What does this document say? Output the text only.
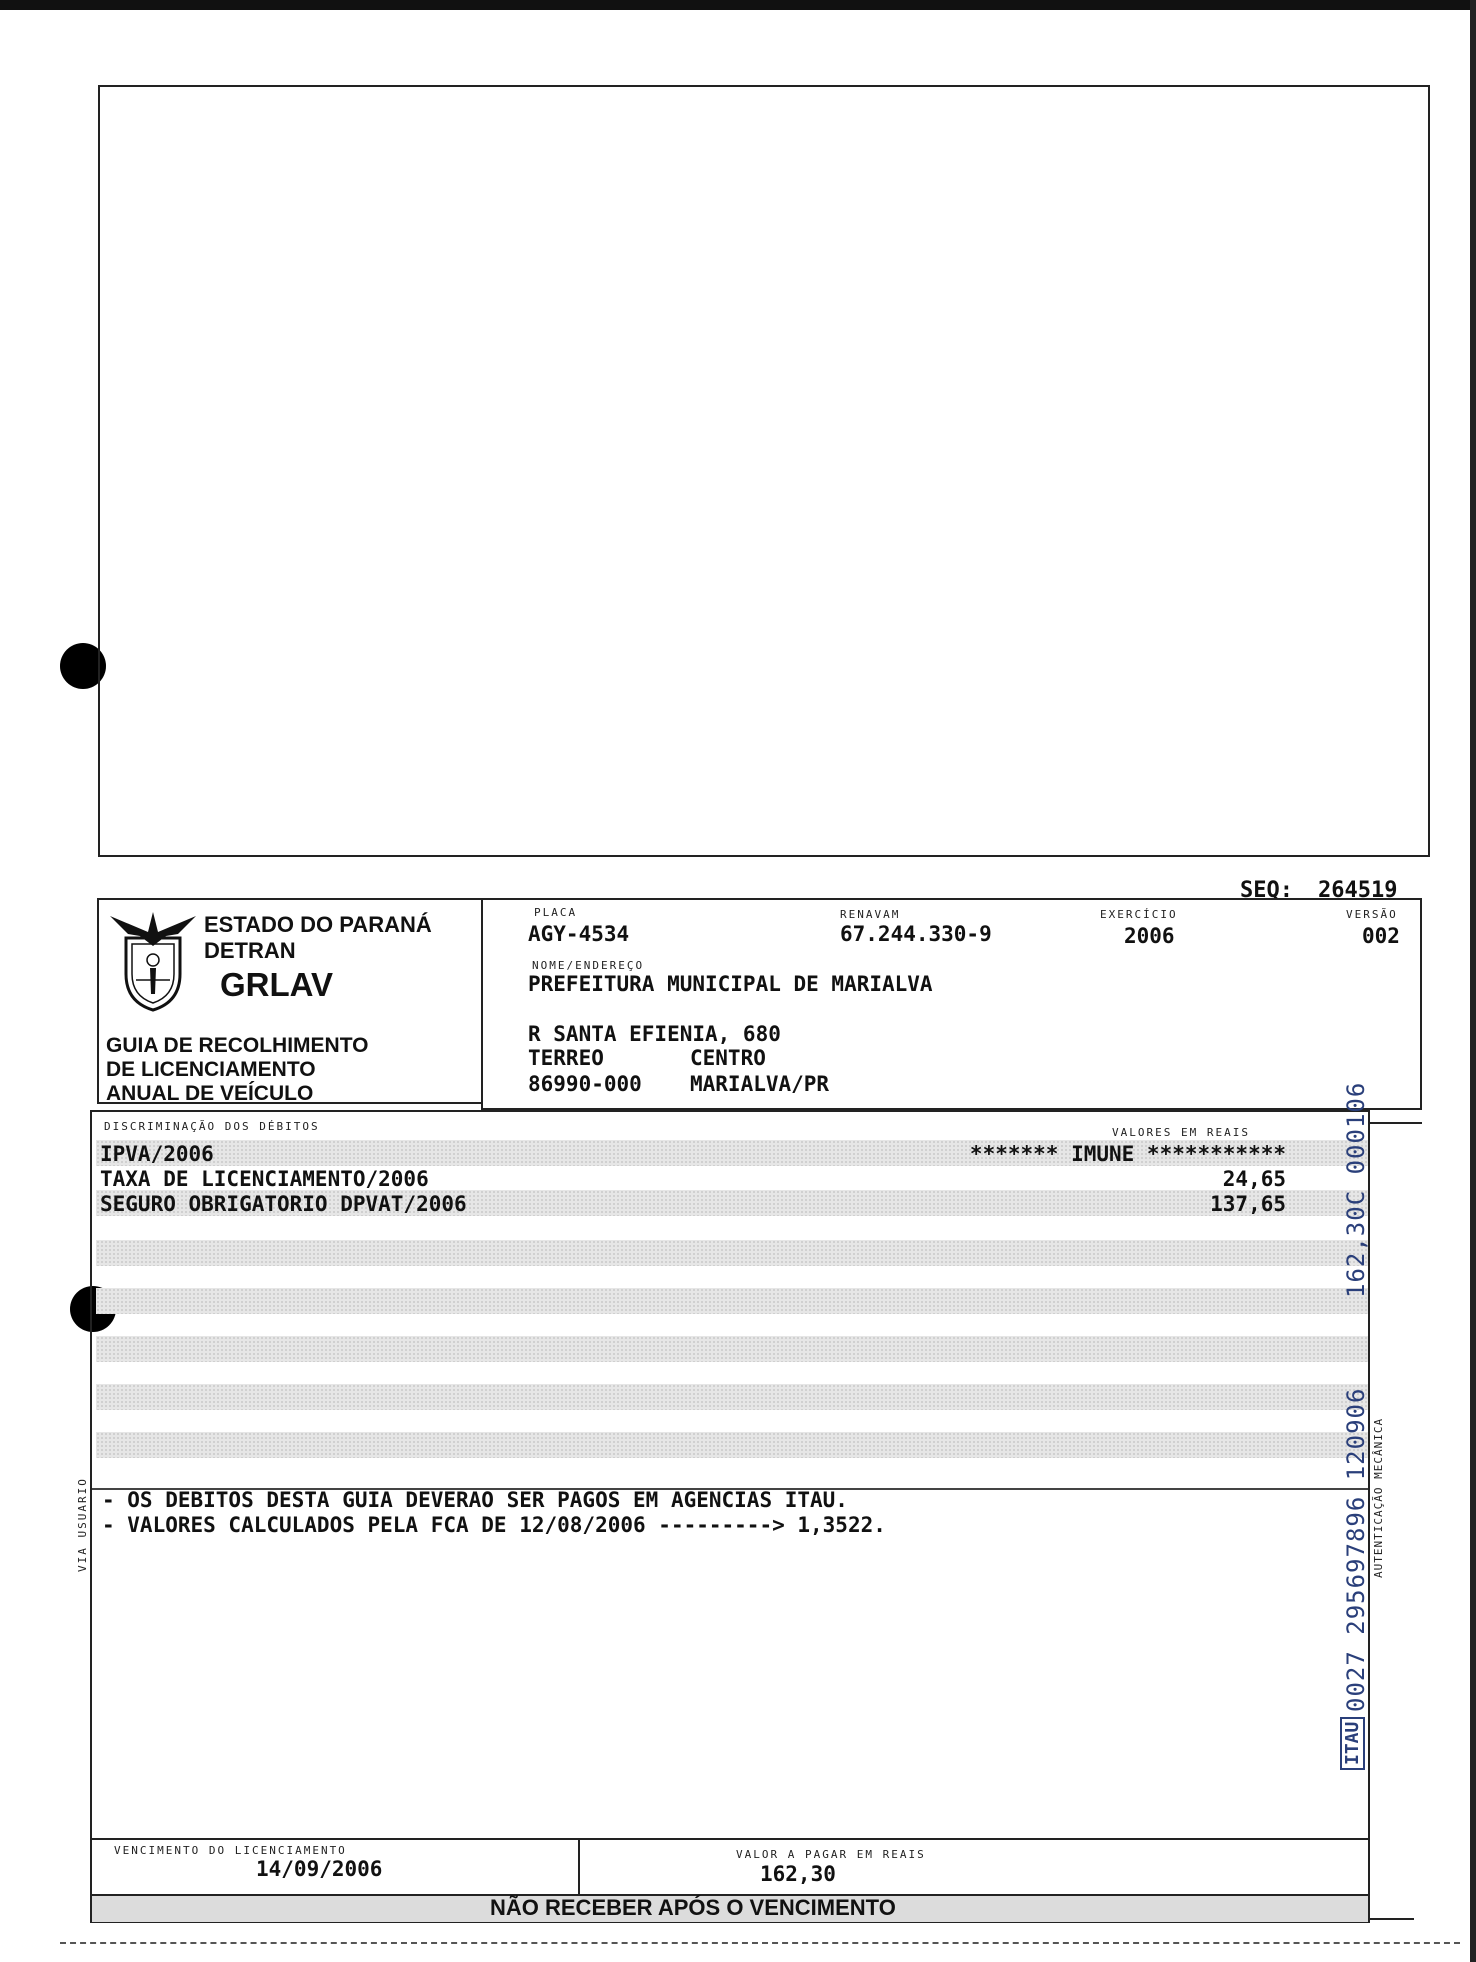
SEQ: 264519
ESTADO DO PARANÁ
DETRAN
GRLAV
GUIA DE RECOLHIMENTO
DE LICENCIAMENTO
ANUAL DE VEÍCULO
PLACA
AGY-4534
RENAVAM
67.244.330-9
EXERCÍCIO
2006
VERSÃO
002
NOME/ENDEREÇO
PREFEITURA MUNICIPAL DE MARIALVA
R SANTA EFIENIA, 680
TERREO	CENTRO
86990-000 MARIALVA/PR
DISCRIMINAÇÃO DOS DÉBITOS	VALORES EM REAIS
IPVA/2006	******* IMUNE ***********
TAXA DE LICENCIAMENTO/2006	24,65
SEGURO OBRIGATORIO DPVAT/2006	137,65
- OS DEBITOS DESTA GUIA DEVERAO SER PAGOS EM AGENCIAS ITAU.
- VALORES CALCULADOS PELA FCA DE 12/08/2006 ---------> 1,3522.
VIA USUARIO	AUTENTICAÇÃO MECÂNICA
162,30C 000106
ITAU
0027 295697896 120906
VENCIMENTO DO LICENCIAMENTO
14/09/2006
VALOR A PAGAR EM REAIS
162,30
NÃO RECEBER APÓS O VENCIMENTO
